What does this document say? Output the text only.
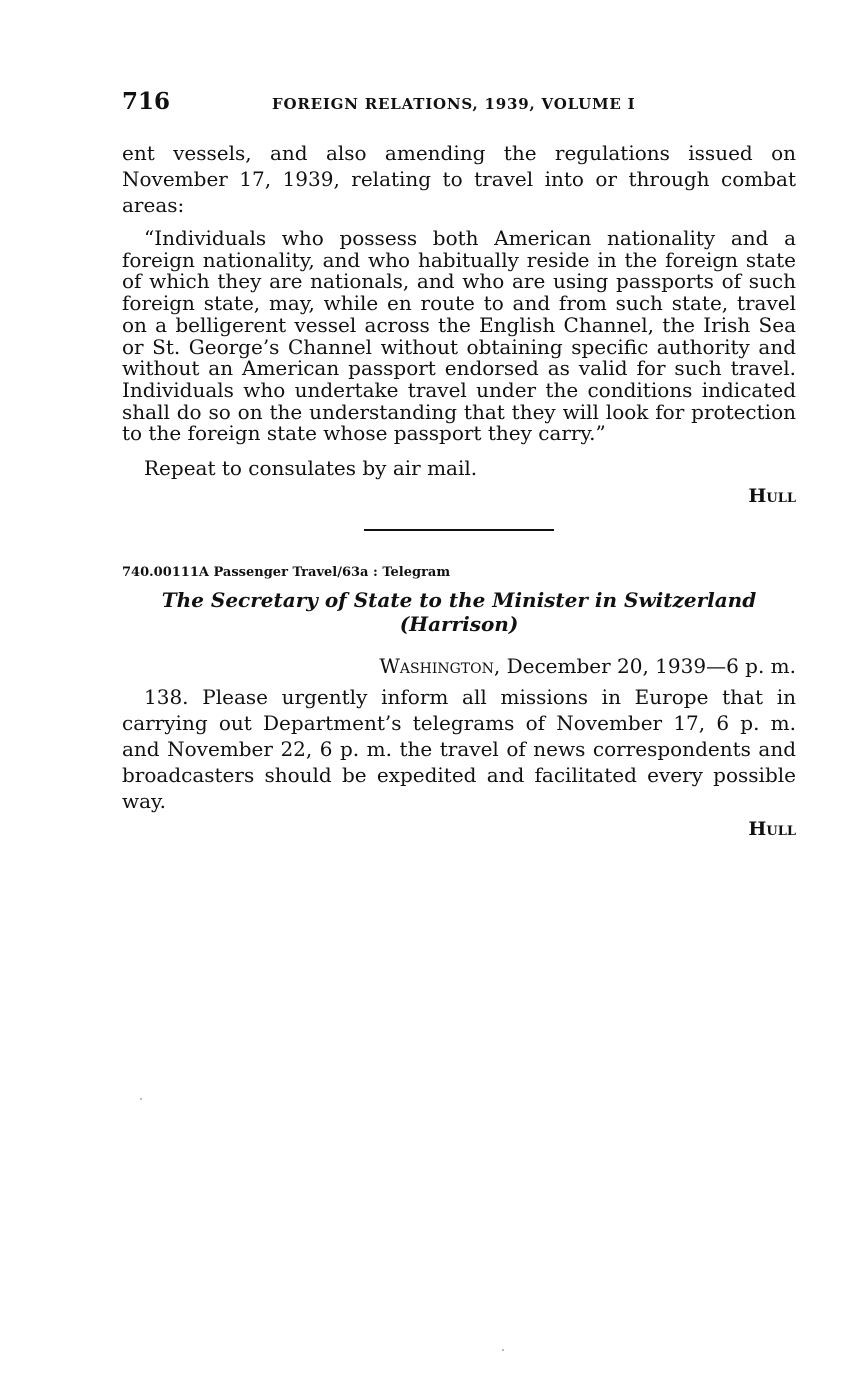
716	FOREIGN RELATIONS, 1939, VOLUME I

ent vessels, and also amending the regulations issued on November 17, 1939, relating to travel into or through combat areas:

“Individuals who possess both American nationality and a foreign nationality, and who habitually reside in the foreign state of which they are nationals, and who are using passports of such foreign state, may, while en route to and from such state, travel on a belligerent vessel across the English Channel, the Irish Sea or St. George’s Channel without obtaining specific authority and without an American passport endorsed as valid for such travel. Individuals who undertake travel under the conditions indicated shall do so on the understanding that they will look for protection to the foreign state whose passport they carry.”

Repeat to consulates by air mail.

Hull
740.00111A Passenger Travel/63a : Telegram
The Secretary of State to the Minister in Switzerland (Harrison)
Washington, December 20, 1939—6 p. m.

138. Please urgently inform all missions in Europe that in carrying out Department’s telegrams of November 17, 6 p. m. and November 22, 6 p. m. the travel of news correspondents and broadcasters should be expedited and facilitated every possible way.

Hull
